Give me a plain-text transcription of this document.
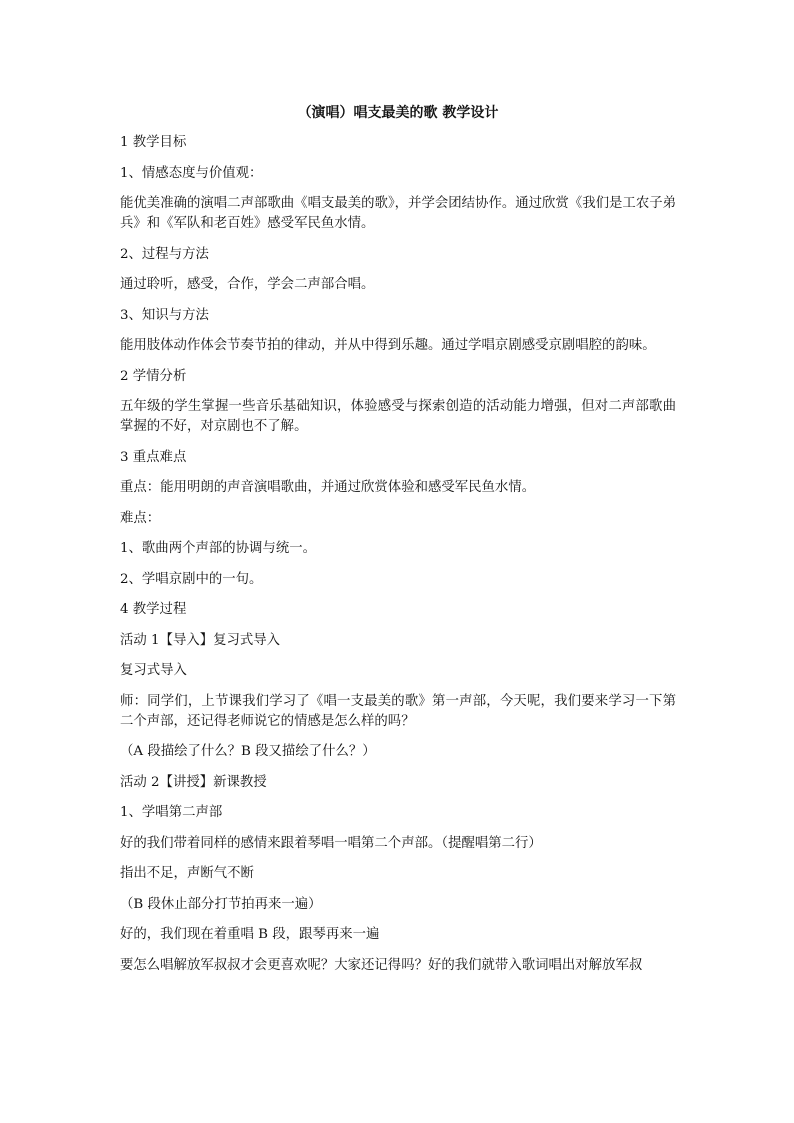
（演唱）唱支最美的歌 教学设计

1 教学目标

1、情感态度与价值观：

能优美准确的演唱二声部歌曲《唱支最美的歌》，并学会团结协作。通过欣赏《我们是工农子弟兵》和《军队和老百姓》感受军民鱼水情。

2、过程与方法

通过聆听，感受，合作，学会二声部合唱。

3、知识与方法

能用肢体动作体会节奏节拍的律动，并从中得到乐趣。通过学唱京剧感受京剧唱腔的韵味。

2 学情分析

五年级的学生掌握一些音乐基础知识，体验感受与探索创造的活动能力增强，但对二声部歌曲掌握的不好，对京剧也不了解。

3 重点难点

重点：能用明朗的声音演唱歌曲，并通过欣赏体验和感受军民鱼水情。

难点：

1、歌曲两个声部的协调与统一。

2、学唱京剧中的一句。

4 教学过程

活动 1【导入】复习式导入

复习式导入

师：同学们，上节课我们学习了《唱一支最美的歌》第一声部，今天呢，我们要来学习一下第二个声部，还记得老师说它的情感是怎么样的吗？

（A 段描绘了什么？B 段又描绘了什么？）

活动 2【讲授】新课教授

1、学唱第二声部

好的我们带着同样的感情来跟着琴唱一唱第二个声部。（提醒唱第二行）

指出不足，声断气不断

（B 段休止部分打节拍再来一遍）

好的，我们现在着重唱 B 段，跟琴再来一遍

要怎么唱解放军叔叔才会更喜欢呢？大家还记得吗？好的我们就带入歌词唱出对解放军叔
